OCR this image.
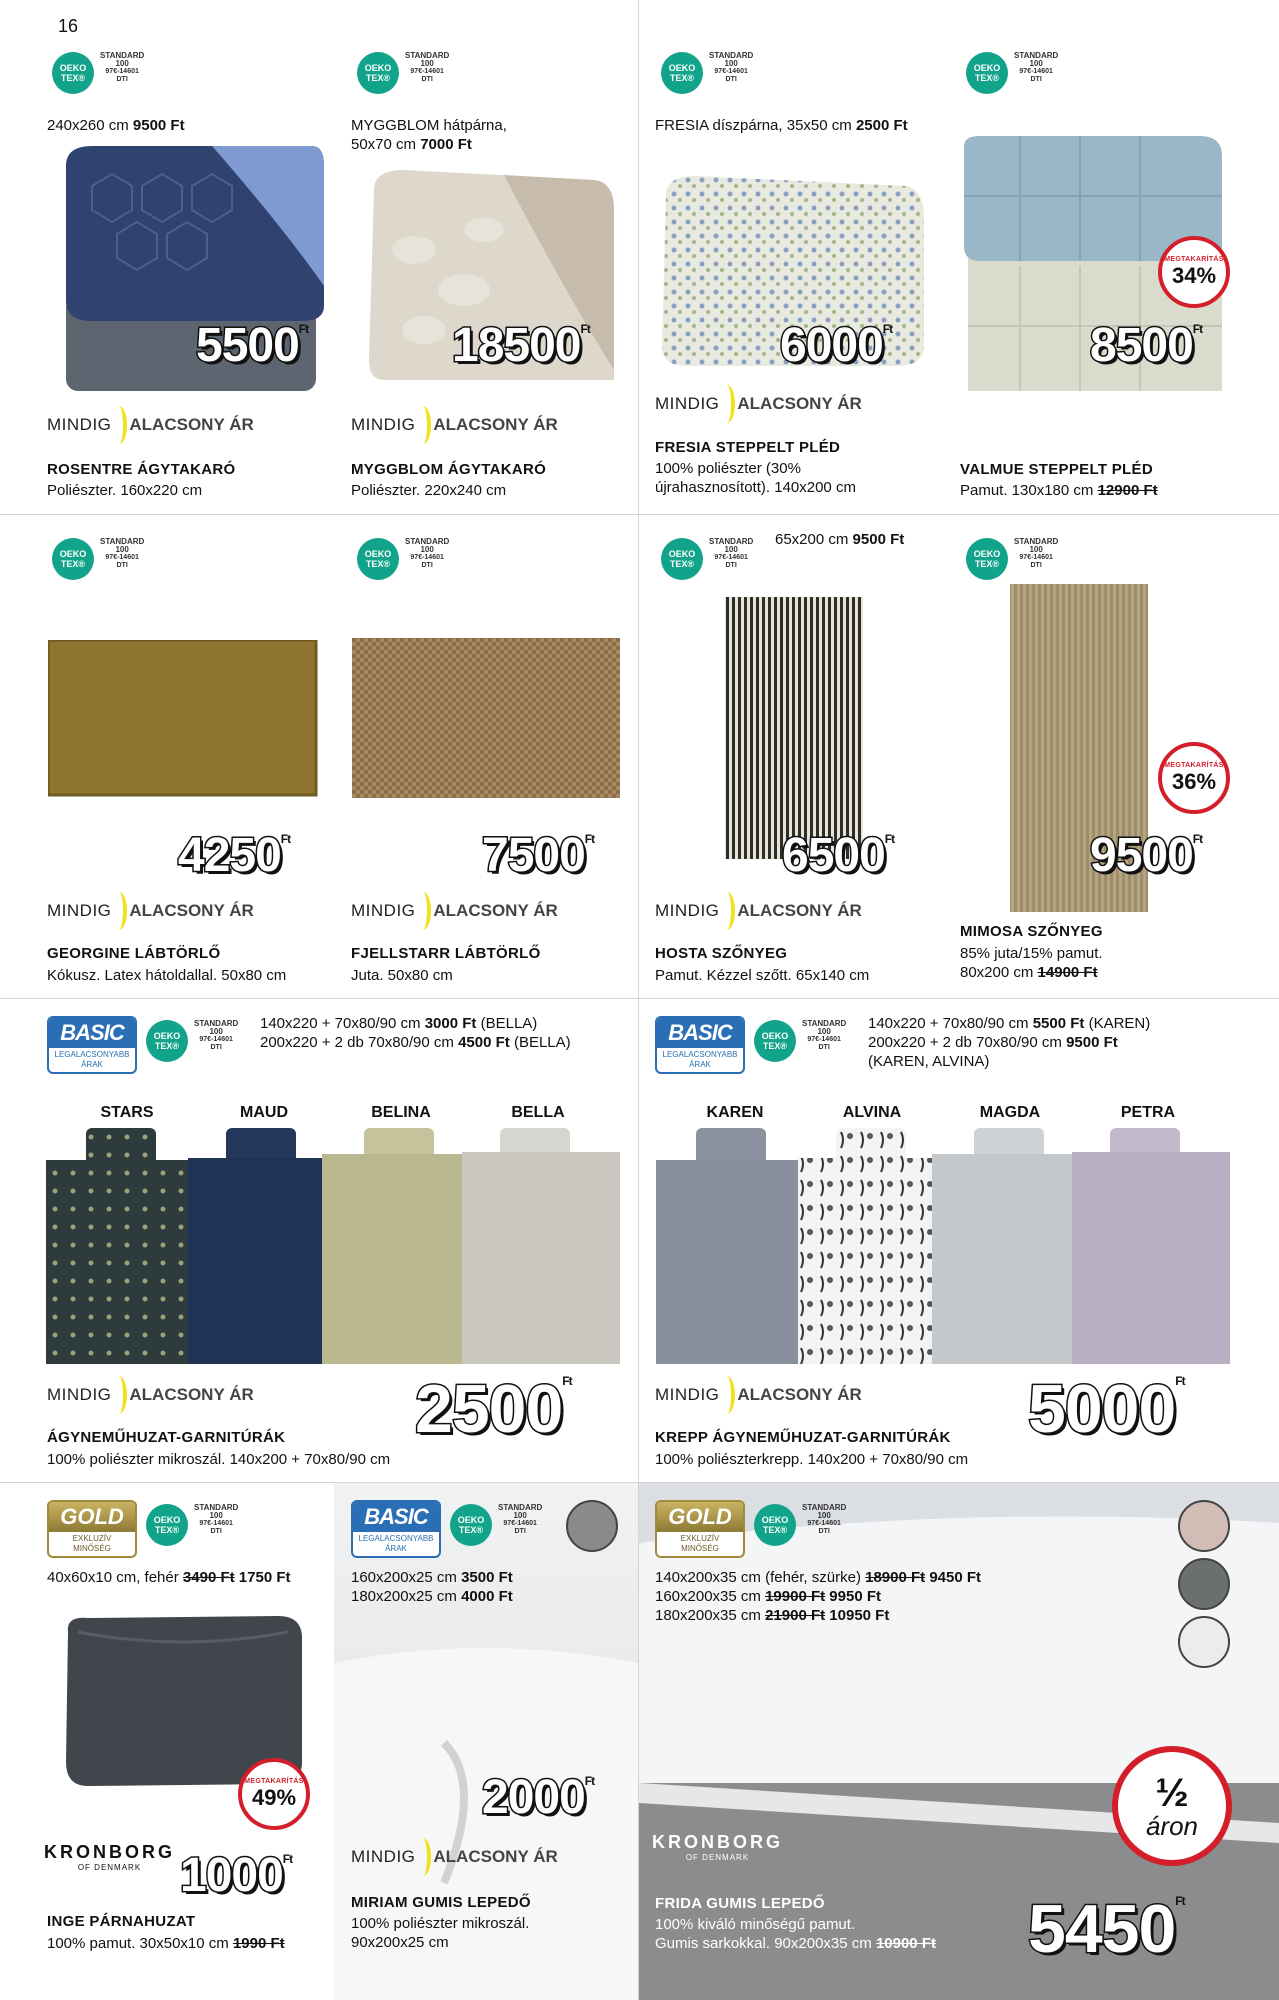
16
OEKO
TEX®
STANDARD
100
97€-14601
DTI
240x260 cm 9500 Ft
$5500^{Ft}$
MINDIG ALACSONY ÁR
ROSENTRE ÁGYTAKARÓ
Poliészter. 160x220 cm
OEKO
TEX®
STANDARD
100
97€-14601
DTI
MYGGBLOM hátpárna,
50x70 cm 7000 Ft
$18500^{Ft}$
MINDIG ALACSONY ÁR
MYGGBLOM ÁGYTAKARÓ
Poliészter. 220x240 cm
OEKO
TEX®
STANDARD
100
97€-14601
DTI
FRESIA díszpárna, 35x50 cm 2500 Ft
$6000^{Ft}$
MINDIG ALACSONY ÁR
FRESIA STEPPELT PLÉD
100% poliészter (30%
újrahasznosított). 140x200 cm
OEKO
TEX®
STANDARD
100
97€-14601
DTI
MEGTAKARÍTÁS
34%
$8500^{Ft}$
VALMUE STEPPELT PLÉD
Pamut. 130x180 cm 12900 Ft
OEKO
TEX®
STANDARD
100
97€-14601
DTI
$4250^{Ft}$
MINDIG ALACSONY ÁR
GEORGINE LÁBTÖRLŐ
Kókusz. Latex hátoldallal. 50x80 cm
OEKO
TEX®
STANDARD
100
97€-14601
DTI
$7500^{Ft}$
MINDIG ALACSONY ÁR
FJELLSTARR LÁBTÖRLŐ
Juta. 50x80 cm
OEKO
TEX®
STANDARD
100
97€-14601
DTI
65x200 cm 9500 Ft
$6500^{Ft}$
MINDIG ALACSONY ÁR
HOSTA SZŐNYEG
Pamut. Kézzel szőtt. 65x140 cm
OEKO
TEX®
STANDARD
100
97€-14601
DTI
MEGTAKARÍTÁS
36%
$9500^{Ft}$
MIMOSA SZŐNYEG
85% juta/15% pamut.
80x200 cm 14900 Ft
BASIC
LEGALACSONYABB
ÁRAK
OEKO
TEX®
STANDARD
100
97€-14601
DTI
140x220 + 70x80/90 cm 3000 Ft (BELLA)
200x220 + 2 db 70x80/90 cm 4500 Ft (BELLA)
STARS	MAUD	BELINA	BELLA
MINDIG ALACSONY ÁR $2500^{Ft}$
ÁGYNEMŰHUZAT-GARNITÚRÁK
100% poliészter mikroszál. 140x200 + 70x80/90 cm
BASIC
LEGALACSONYABB
ÁRAK
OEKO
TEX®
STANDARD
100
97€-14601
DTI
140x220 + 70x80/90 cm 5500 Ft (KAREN)
200x220 + 2 db 70x80/90 cm 9500 Ft
(KAREN, ALVINA)
KAREN	ALVINA	MAGDA	PETRA
MINDIG ALACSONY ÁR $5000^{Ft}$
KREPP ÁGYNEMŰHUZAT-GARNITÚRÁK
100% poliészterkrepp. 140x200 + 70x80/90 cm
GOLD
EXKLUZÍV
MINŐSÉG
OEKO
TEX®
STANDARD
100
97€-14601
DTI
40x60x10 cm, fehér 3490 Ft 1750 Ft
MEGTAKARÍTÁS
49%
KRONBORG
OF DENMARK $1000^{Ft}$
INGE PÁRNAHUZAT
100% pamut. 30x50x10 cm 1990 Ft
BASIC
LEGALACSONYABB
ÁRAK
OEKO
TEX®
STANDARD
100
97€-14601
DTI
160x200x25 cm 3500 Ft
180x200x25 cm 4000 Ft
$2000^{Ft}$
MINDIG ALACSONY ÁR
MIRIAM GUMIS LEPEDŐ
100% poliészter mikroszál.
90x200x25 cm
GOLD
EXKLUZÍV
MINŐSÉG
OEKO
TEX®
STANDARD
100
97€-14601
DTI
140x200x35 cm (fehér, szürke) 18900 Ft 9450 Ft
160x200x35 cm 19900 Ft 9950 Ft
180x200x35 cm 21900 Ft 10950 Ft
½
áron
KRONBORG
OF DENMARK
$5450^{Ft}$
FRIDA GUMIS LEPEDŐ
100% kiváló minőségű pamut.
Gumis sarkokkal. 90x200x35 cm 10900 Ft
